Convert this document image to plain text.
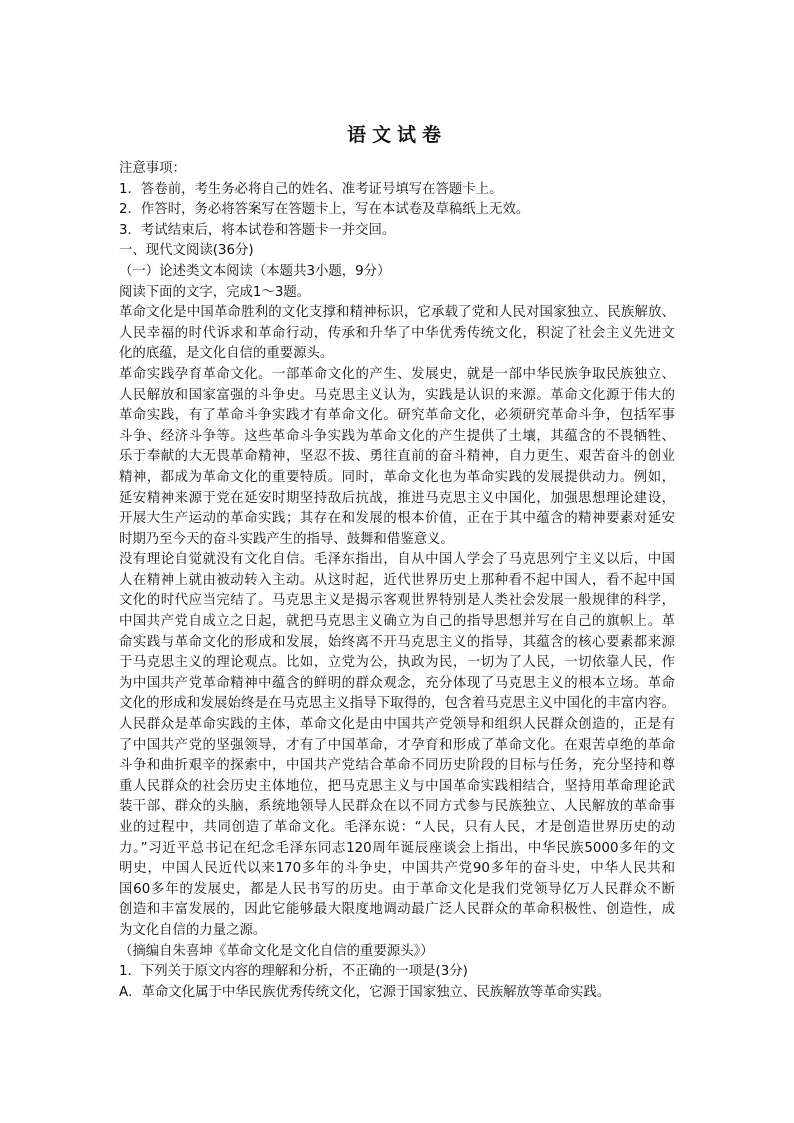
语文试卷
注意事项：
1．答卷前，考生务必将自己的姓名、准考证号填写在答题卡上。
2．作答时，务必将答案写在答题卡上，写在本试卷及草稿纸上无效。
3．考试结束后，将本试卷和答题卡一并交回。
一、现代文阅读(36分)
（一）论述类文本阅读（本题共3小题，9分）
阅读下面的文字，完成1～3题。
革命文化是中国革命胜利的文化支撑和精神标识，它承载了党和人民对国家独立、民族解放、
人民幸福的时代诉求和革命行动，传承和升华了中华优秀传统文化，积淀了社会主义先进文
化的底蕴，是文化自信的重要源头。
革命实践孕育革命文化。一部革命文化的产生、发展史，就是一部中华民族争取民族独立、
人民解放和国家富强的斗争史。马克思主义认为，实践是认识的来源。革命文化源于伟大的
革命实践，有了革命斗争实践才有革命文化。研究革命文化，必须研究革命斗争，包括军事
斗争、经济斗争等。这些革命斗争实践为革命文化的产生提供了土壤，其蕴含的不畏牺牲、
乐于奉献的大无畏革命精神，坚忍不拔、勇往直前的奋斗精神，自力更生、艰苦奋斗的创业
精神，都成为革命文化的重要特质。同时，革命文化也为革命实践的发展提供动力。例如，
延安精神来源于党在延安时期坚持敌后抗战，推进马克思主义中国化，加强思想理论建设，
开展大生产运动的革命实践；其存在和发展的根本价值，正在于其中蕴含的精神要素对延安
时期乃至今天的奋斗实践产生的指导、鼓舞和借鉴意义。
没有理论自觉就没有文化自信。毛泽东指出，自从中国人学会了马克思列宁主义以后，中国
人在精神上就由被动转入主动。从这时起，近代世界历史上那种看不起中国人，看不起中国
文化的时代应当完结了。马克思主义是揭示客观世界特别是人类社会发展一般规律的科学，
中国共产党自成立之日起，就把马克思主义确立为自己的指导思想并写在自己的旗帜上。革
命实践与革命文化的形成和发展，始终离不开马克思主义的指导，其蕴含的核心要素都来源
于马克思主义的理论观点。比如，立党为公，执政为民，一切为了人民，一切依靠人民，作
为中国共产党革命精神中蕴含的鲜明的群众观念，充分体现了马克思主义的根本立场。革命
文化的形成和发展始终是在马克思主义指导下取得的，包含着马克思主义中国化的丰富内容。
人民群众是革命实践的主体，革命文化是由中国共产党领导和组织人民群众创造的，正是有
了中国共产党的坚强领导，才有了中国革命，才孕育和形成了革命文化。在艰苦卓绝的革命
斗争和曲折艰辛的探索中，中国共产党结合革命不同历史阶段的目标与任务，充分坚持和尊
重人民群众的社会历史主体地位，把马克思主义与中国革命实践相结合，坚持用革命理论武
装干部、群众的头脑，系统地领导人民群众在以不同方式参与民族独立、人民解放的革命事
业的过程中，共同创造了革命文化。毛泽东说：“人民，只有人民，才是创造世界历史的动
力。”习近平总书记在纪念毛泽东同志120周年诞辰座谈会上指出，中华民族5000多年的文
明史，中国人民近代以来170多年的斗争史，中国共产党90多年的奋斗史，中华人民共和
国60多年的发展史，都是人民书写的历史。由于革命文化是我们党领导亿万人民群众不断
创造和丰富发展的，因此它能够最大限度地调动最广泛人民群众的革命积极性、创造性，成
为文化自信的力量之源。
（摘编自朱喜坤《革命文化是文化自信的重要源头》）
1．下列关于原文内容的理解和分析，不正确的一项是(3分)
A．革命文化属于中华民族优秀传统文化，它源于国家独立、民族解放等革命实践。
